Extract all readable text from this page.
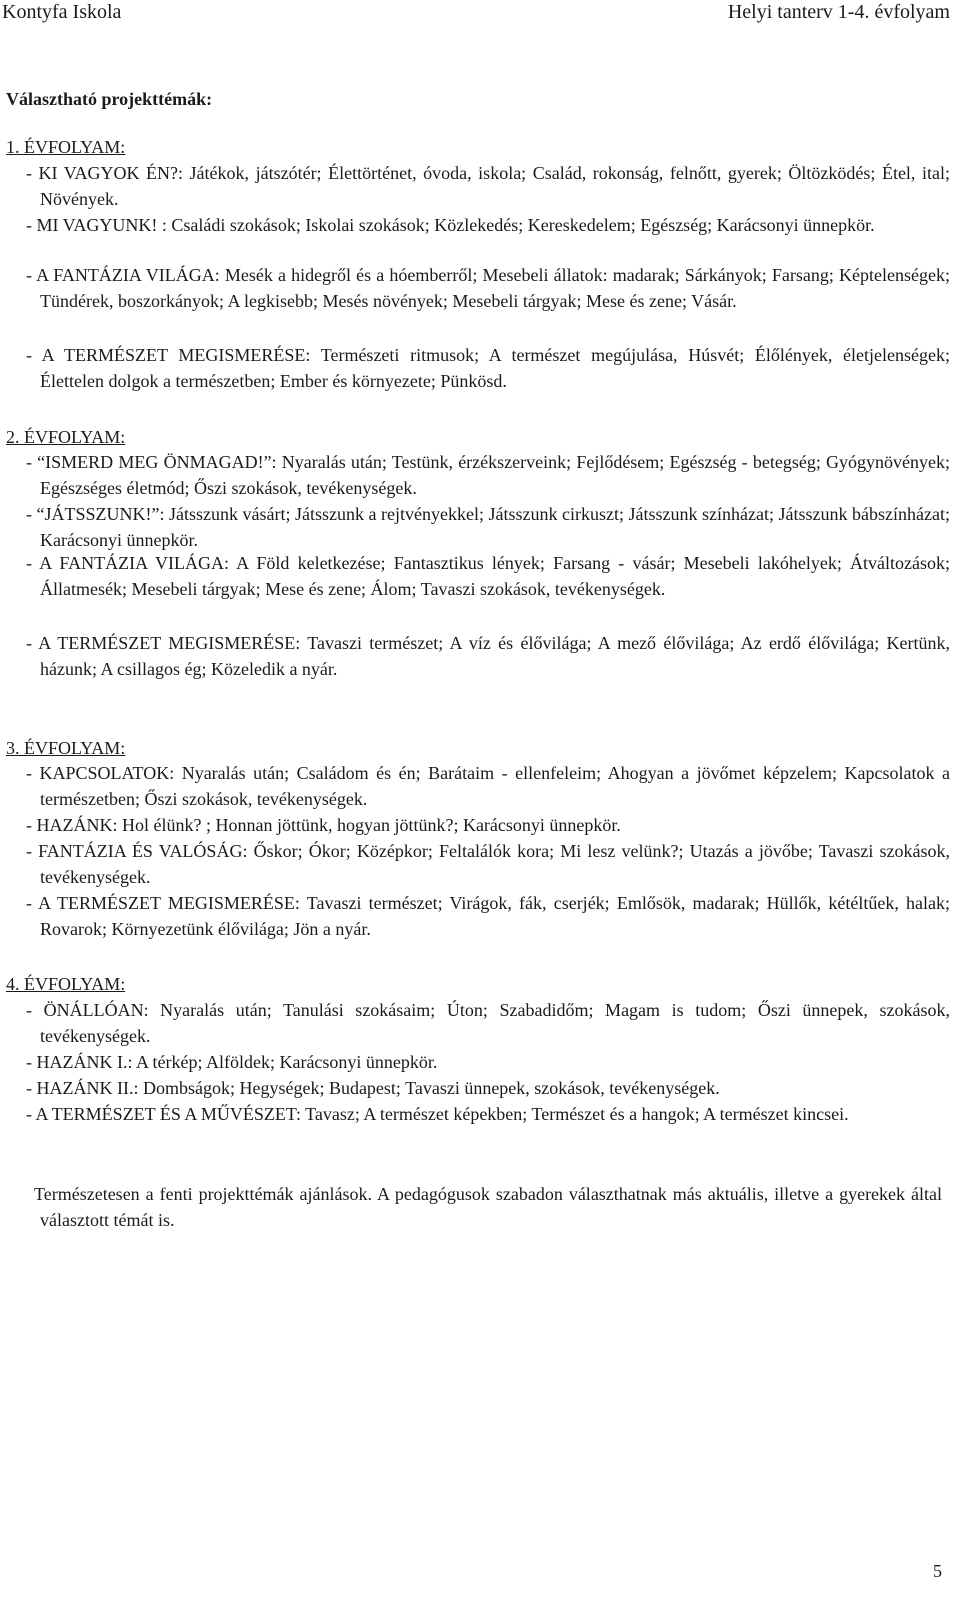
Kontyfa Iskola	Helyi tanterv 1-4. évfolyam
Választható projekttémák:
1. ÉVFOLYAM:

- KI VAGYOK ÉN?: Játékok, játszótér; Élettörténet, óvoda, iskola; Család, rokonság, felnőtt, gyerek; Öltözködés; Étel, ital; Növények.

- MI VAGYUNK! : Családi szokások; Iskolai szokások; Közlekedés; Kereskedelem; Egészség; Karácsonyi ünnepkör.

- A FANTÁZIA VILÁGA: Mesék a hidegről és a hóemberről; Mesebeli állatok: madarak; Sárkányok; Farsang; Képtelenségek; Tündérek, boszorkányok; A legkisebb; Mesés növények; Mesebeli tárgyak; Mese és zene; Vásár.

- A TERMÉSZET MEGISMERÉSE: Természeti ritmusok; A természet megújulása, Húsvét; Élőlények, életjelenségek; Élettelen dolgok a természetben; Ember és környezete; Pünkösd.

2. ÉVFOLYAM:

- “ISMERD MEG ÖNMAGAD!”: Nyaralás után; Testünk, érzékszerveink; Fejlődésem; Egészség - betegség; Gyógynövények; Egészséges életmód; Őszi szokások, tevékenységek.

- “JÁTSSZUNK!”: Játsszunk vásárt; Játsszunk a rejtvényekkel; Játsszunk cirkuszt; Játsszunk színházat; Játsszunk bábszínházat; Karácsonyi ünnepkör.

- A FANTÁZIA VILÁGA: A Föld keletkezése; Fantasztikus lények; Farsang - vásár; Mesebeli lakóhelyek; Átváltozások; Állatmesék; Mesebeli tárgyak; Mese és zene; Álom; Tavaszi szokások, tevékenységek.

- A TERMÉSZET MEGISMERÉSE: Tavaszi természet; A víz és élővilága; A mező élővilága; Az erdő élővilága; Kertünk, házunk; A csillagos ég; Közeledik a nyár.

3. ÉVFOLYAM:

- KAPCSOLATOK: Nyaralás után; Családom és én; Barátaim - ellenfeleim; Ahogyan a jövőmet képzelem; Kapcsolatok a természetben; Őszi szokások, tevékenységek.

- HAZÁNK: Hol élünk? ; Honnan jöttünk, hogyan jöttünk?; Karácsonyi ünnepkör.

- FANTÁZIA ÉS VALÓSÁG: Őskor; Ókor; Középkor; Feltalálók kora; Mi lesz velünk?; Utazás a jövőbe; Tavaszi szokások, tevékenységek.

- A TERMÉSZET MEGISMERÉSE: Tavaszi természet; Virágok, fák, cserjék; Emlősök, madarak; Hüllők, kétéltűek, halak; Rovarok; Környezetünk élővilága; Jön a nyár.

4. ÉVFOLYAM:

- ÖNÁLLÓAN: Nyaralás után; Tanulási szokásaim; Úton; Szabadidőm; Magam is tudom; Őszi ünnepek, szokások, tevékenységek.

- HAZÁNK I.: A térkép; Alföldek; Karácsonyi ünnepkör.

- HAZÁNK II.: Dombságok; Hegységek; Budapest; Tavaszi ünnepek, szokások, tevékenységek.

- A TERMÉSZET ÉS A MŰVÉSZET: Tavasz; A természet képekben; Természet és a hangok; A természet kincsei.

Természetesen a fenti projekttémák ajánlások. A pedagógusok szabadon választhatnak más aktuális, illetve a gyerekek által választott témát is.

5
